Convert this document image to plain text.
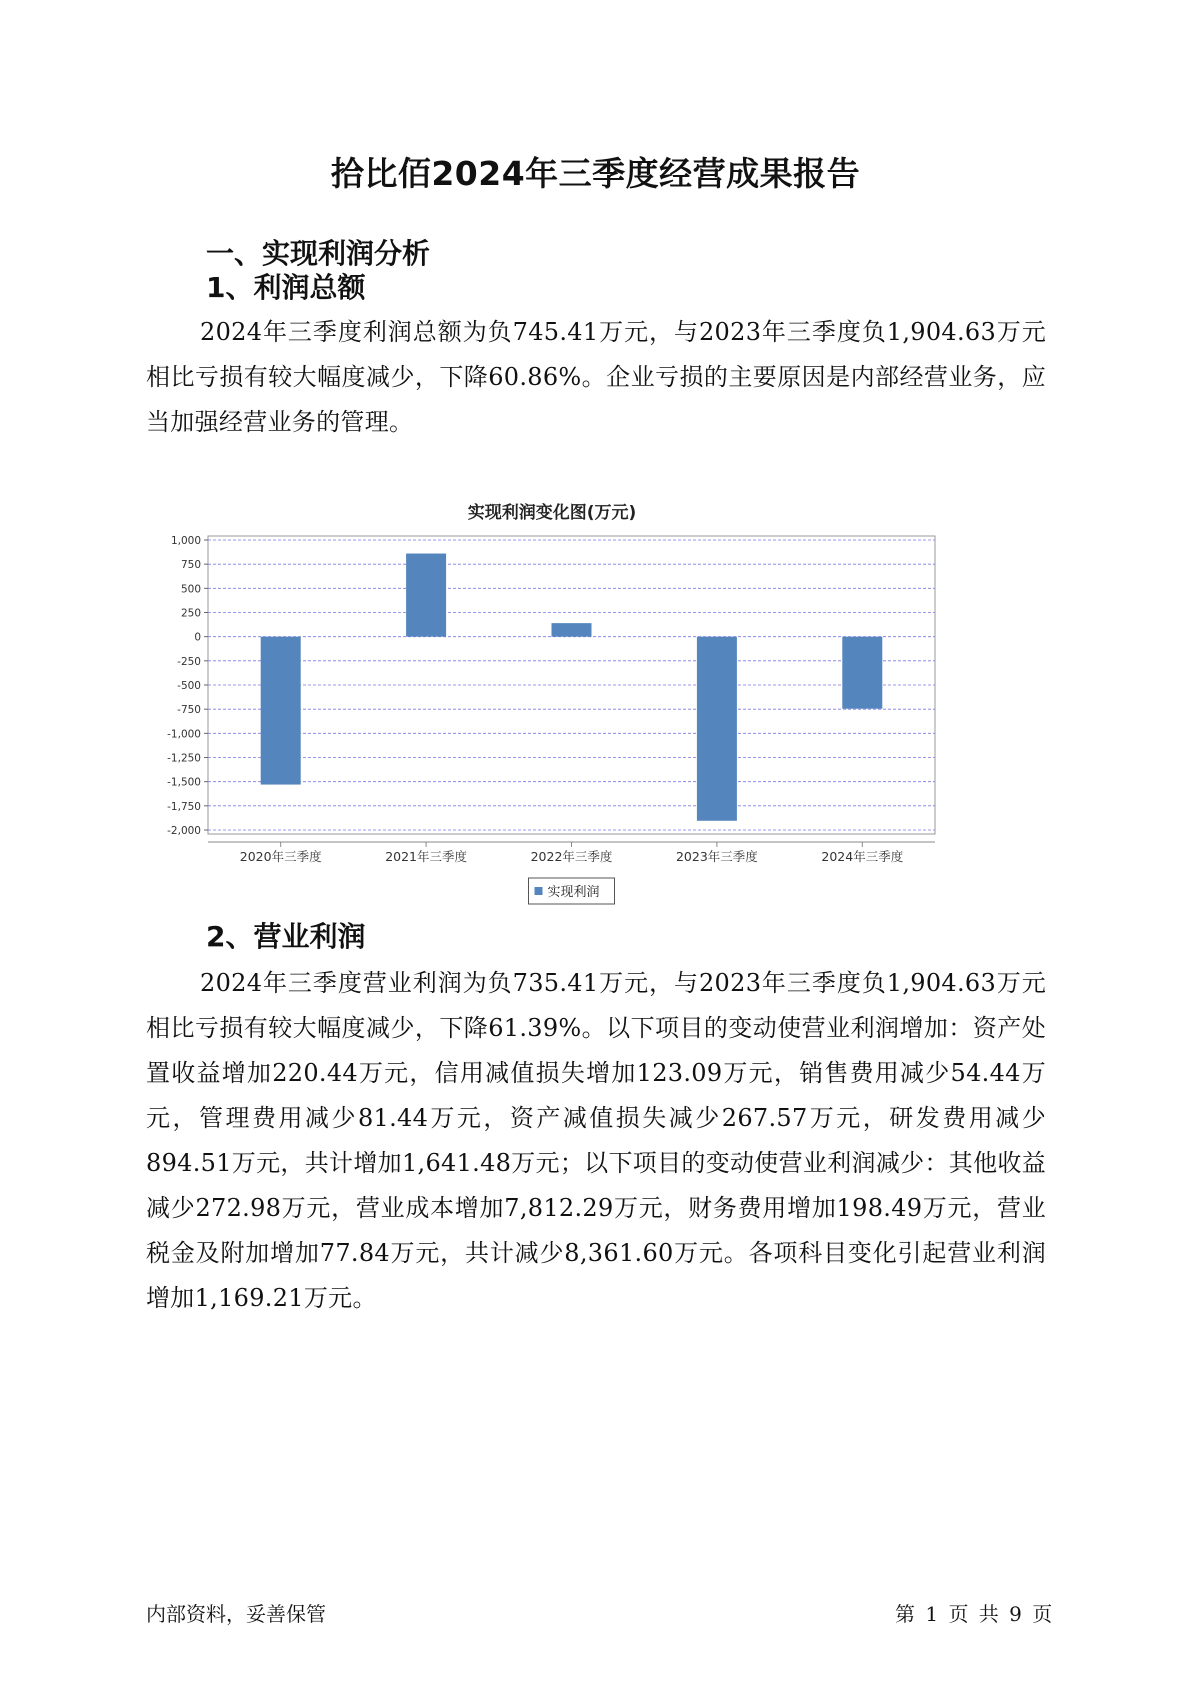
拾比佰2024年三季度经营成果报告
一、实现利润分析
1、利润总额
2024年三季度利润总额为负745.41万元，与2023年三季度负1,904.63万元相比亏损有较大幅度减少，下降60.86%。企业亏损的主要原因是内部经营业务，应当加强经营业务的管理。
实现利润变化图(万元)
1,000
750
500
250
0
-250
-500
-750
-1,000
-1,250
-1,500
-1,750
-2,000
2020年三季度	2021年三季度	2022年三季度	2023年三季度	2024年三季度
实现利润
2、营业利润
2024年三季度营业利润为负735.41万元，与2023年三季度负1,904.63万元相比亏损有较大幅度减少，下降61.39%。以下项目的变动使营业利润增加：资产处置收益增加220.44万元，信用减值损失增加123.09万元，销售费用减少54.44万元，管理费用减少81.44万元，资产减值损失减少267.57万元，研发费用减少894.51万元，共计增加1,641.48万元；以下项目的变动使营业利润减少：其他收益减少272.98万元，营业成本增加7,812.29万元，财务费用增加198.49万元，营业税金及附加增加77.84万元，共计减少8,361.60万元。各项科目变化引起营业利润增加1,169.21万元。
内部资料，妥善保管	第 1 页 共 9 页
